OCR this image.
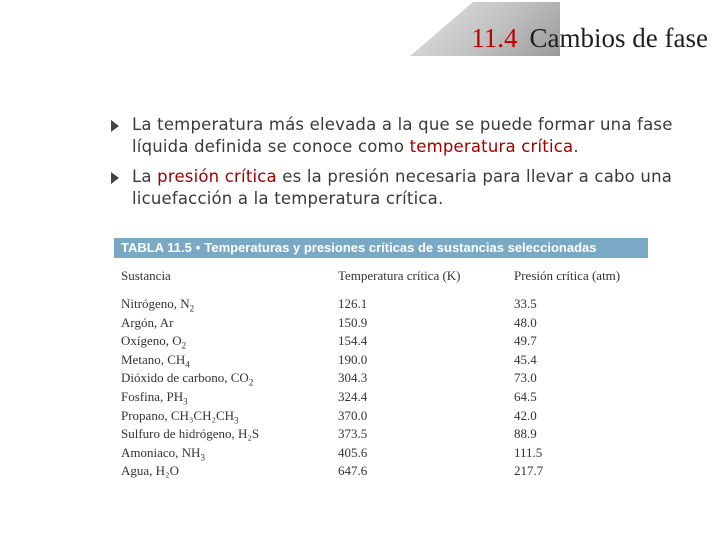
11.4 Cambios de fase
La temperatura más elevada a la que se puede formar una fase líquida definida se conoce como temperatura crítica.
La presión crítica es la presión necesaria para llevar a cabo una licuefacción a la temperatura crítica.
TABLA 11.5 • Temperaturas y presiones críticas de sustancias seleccionadas
Sustancia	Temperatura crítica (K)	Presión crítica (atm)
Nitrógeno, $N_2$	126.1	33.5
Argón, Ar	150.9	48.0
Oxígeno, $O_2$	154.4	49.7
Metano, $CH_4$	190.0	45.4
Dióxido de carbono, $CO_2$	304.3	73.0
Fosfina, $PH_3$	324.4	64.5
Propano, $CH_3CH_2CH_3$	370.0	42.0
Sulfuro de hidrógeno, H₂S	373.5	88.9
Amoniaco, $NH_3$	405.6	111.5
Agua, H₂O	647.6	217.7
